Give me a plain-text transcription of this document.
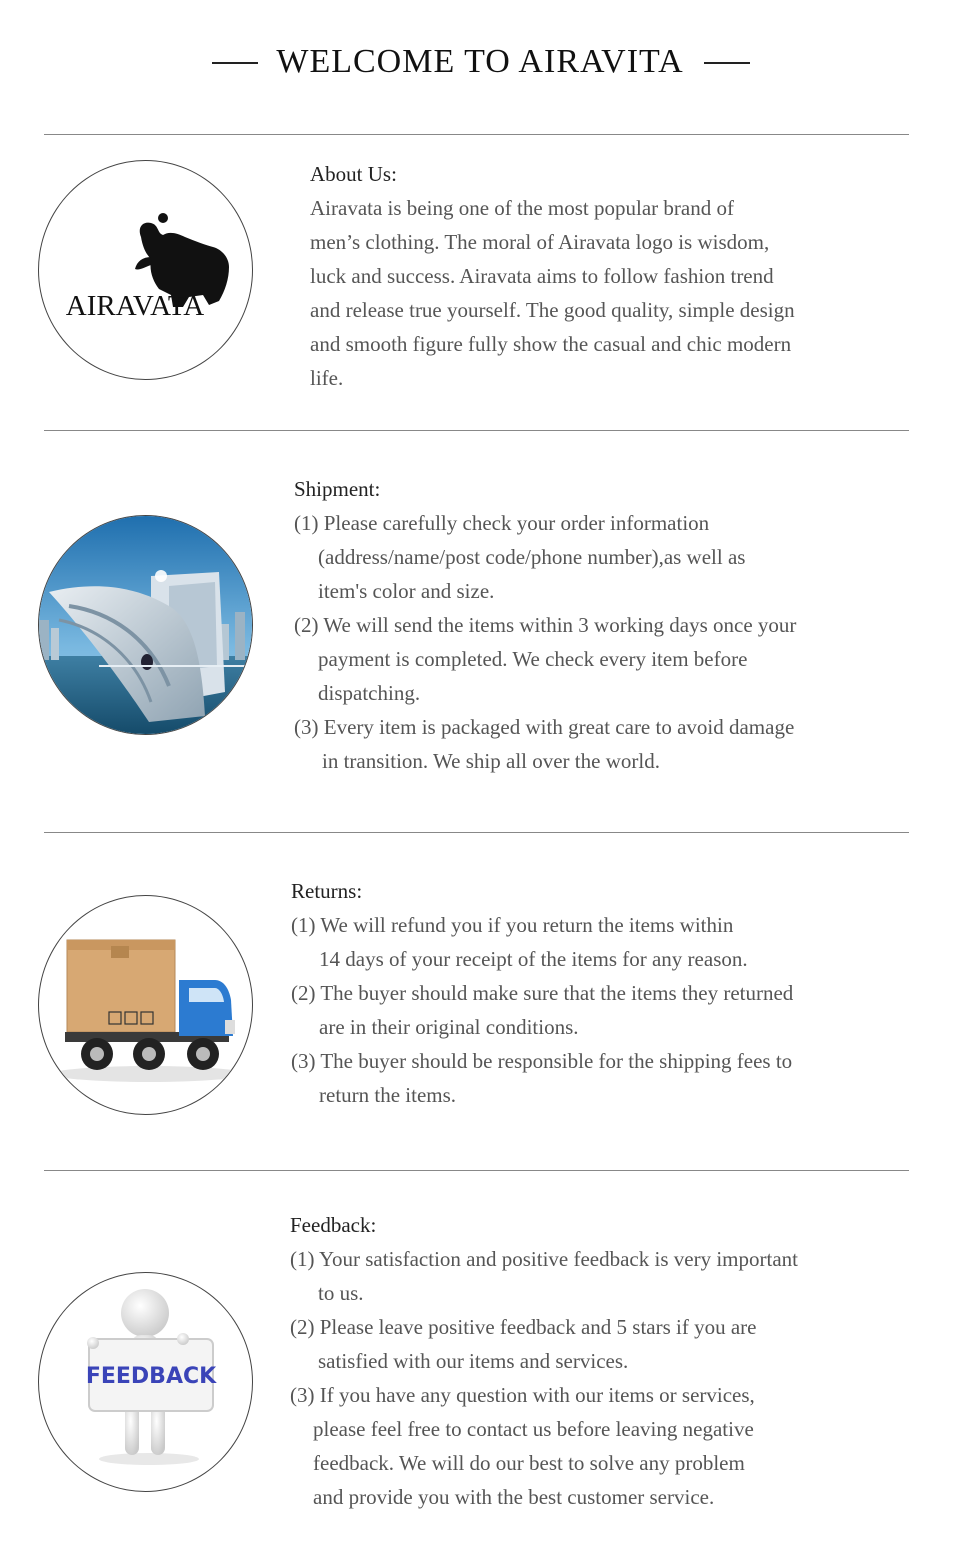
WELCOME TO AIRAVITA
AIRAVATA
About Us:
Airavata is being one of the most popular brand of
men’s clothing. The moral of Airavata logo is wisdom,
luck and success. Airavata aims to follow fashion trend
and release true yourself. The good quality, simple design
and smooth figure fully show the casual and chic modern
life.
Shipment:
(1) Please carefully check your order information
(address/name/post code/phone number),as well as
item's color and size.
(2) We will send the items within 3 working days once your
payment is completed. We check every item before
dispatching.
(3) Every item is packaged with great care to avoid damage
in transition. We ship all over the world.
Returns:
(1) We will refund you if you return the items within
14 days of your receipt of the items for any reason.
(2) The buyer should make sure that the items they returned
are in their original conditions.
(3) The buyer should be responsible for the shipping fees to
return the items.
FEEDBACK
Feedback:
(1) Your satisfaction and positive feedback is very important
to us.
(2) Please leave positive feedback and 5 stars if you are
satisfied with our items and services.
(3) If you have any question with our items or services,
please feel free to contact us before leaving negative
feedback. We will do our best to solve any problem
and provide you with the best customer service.
